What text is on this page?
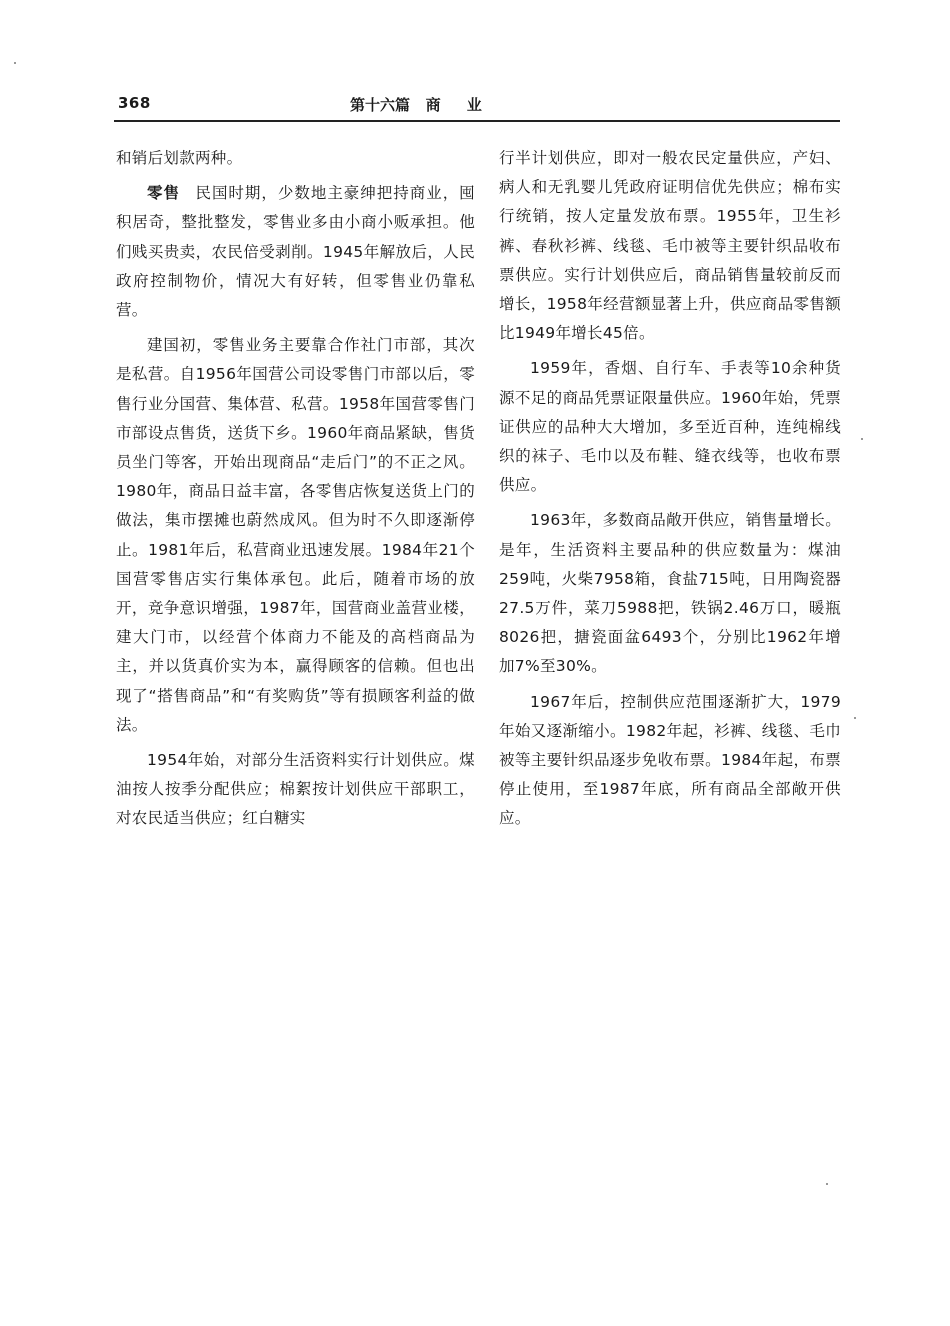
368	第十六篇   商     业

和销后划款两种。

零售 民国时期，少数地主豪绅把持商业，囤积居奇，整批整发，零售业多由小商小贩承担。他们贱买贵卖，农民倍受剥削。1945年解放后，人民政府控制物价，情况大有好转，但零售业仍靠私营。

建国初，零售业务主要靠合作社门市部，其次是私营。自1956年国营公司设零售门市部以后，零售行业分国营、集体营、私营。1958年国营零售门市部设点售货，送货下乡。1960年商品紧缺，售货员坐门等客，开始出现商品“走后门”的不正之风。1980年，商品日益丰富，各零售店恢复送货上门的做法，集市摆摊也蔚然成风。但为时不久即逐渐停止。1981年后，私营商业迅速发展。1984年21个国营零售店实行集体承包。此后，随着市场的放开，竞争意识增强，1987年，国营商业盖营业楼，建大门市，以经营个体商力不能及的高档商品为主，并以货真价实为本，赢得顾客的信赖。但也出现了“搭售商品”和“有奖购货”等有损顾客利益的做法。

1954年始，对部分生活资料实行计划供应。煤油按人按季分配供应；棉絮按计划供应干部职工，对农民适当供应；红白糖实

行半计划供应，即对一般农民定量供应，产妇、病人和无乳婴儿凭政府证明信优先供应；棉布实行统销，按人定量发放布票。1955年，卫生衫裤、春秋衫裤、线毯、毛巾被等主要针织品收布票供应。实行计划供应后，商品销售量较前反而增长，1958年经营额显著上升，供应商品零售额比1949年增长45倍。

1959年，香烟、自行车、手表等10余种货源不足的商品凭票证限量供应。1960年始，凭票证供应的品种大大增加，多至近百种，连纯棉线织的袜子、毛巾以及布鞋、缝衣线等，也收布票供应。

1963年，多数商品敞开供应，销售量增长。是年，生活资料主要品种的供应数量为：煤油259吨，火柴7958箱，食盐715吨，日用陶瓷器27.5万件，菜刀5988把，铁锅2.46万口，暖瓶8026把，搪瓷面盆6493个，分别比1962年增加7%至30%。

1967年后，控制供应范围逐渐扩大，1979年始又逐渐缩小。1982年起，衫裤、线毯、毛巾被等主要针织品逐步免收布票。1984年起，布票停止使用，至1987年底，所有商品全部敞开供应。
